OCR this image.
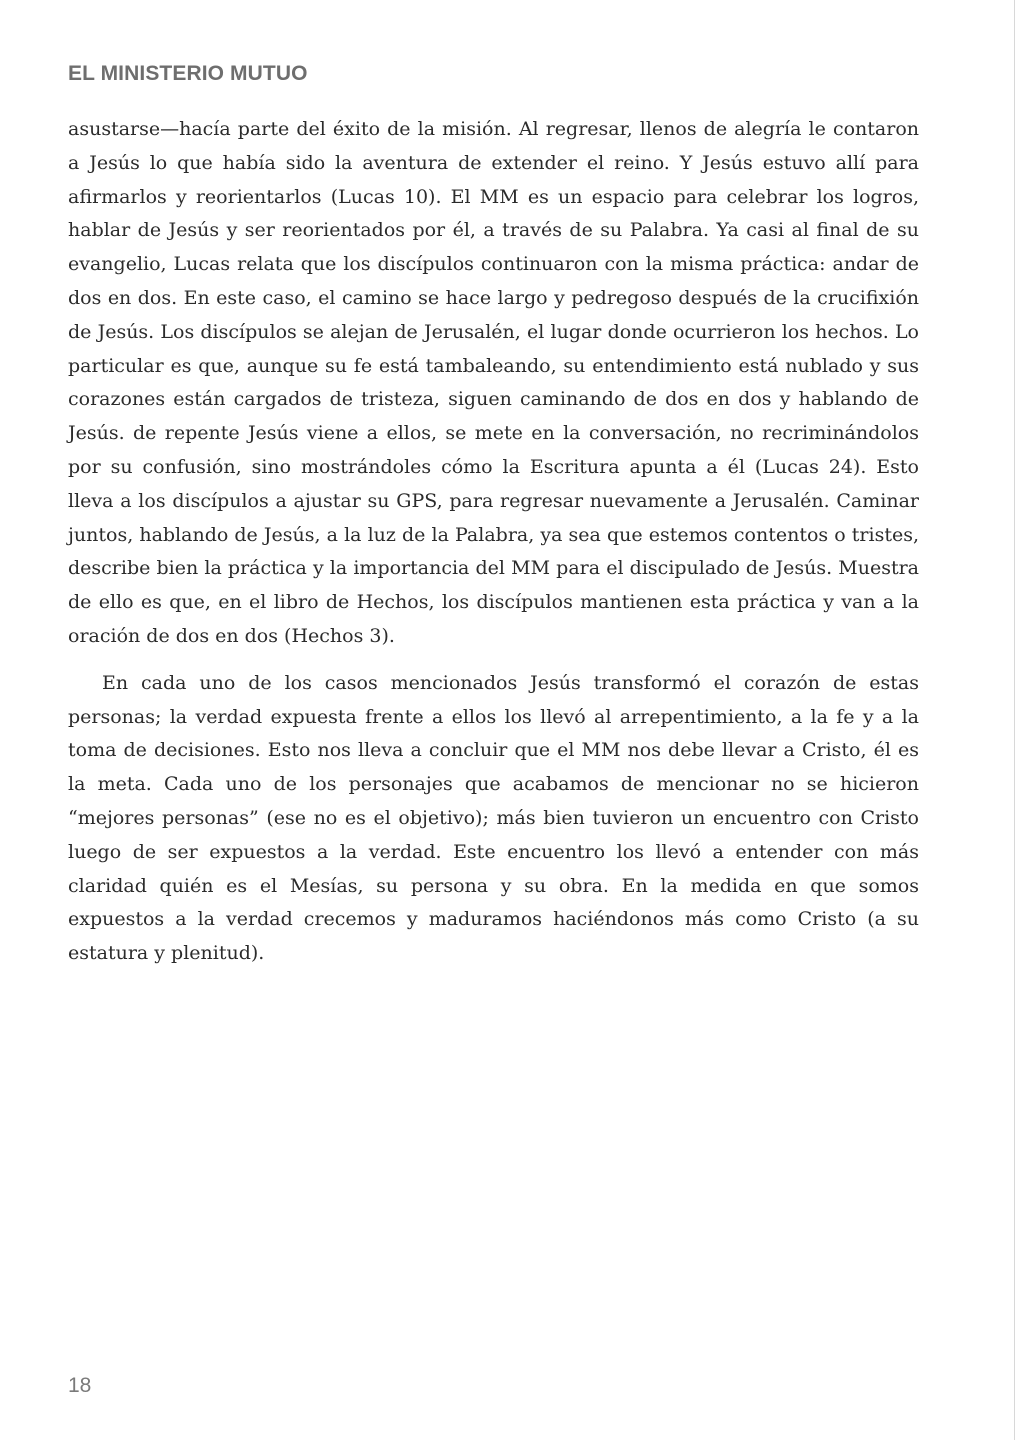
EL MINISTERIO MUTUO

asustarse—hacía parte del éxito de la misión. Al regresar, llenos de alegría le contaron a Jesús lo que había sido la aventura de extender el reino. Y Jesús estuvo allí para afirmarlos y reorientarlos (Lucas 10). El MM es un espacio para celebrar los logros, hablar de Jesús y ser reorientados por él, a través de su Palabra. Ya casi al final de su evangelio, Lucas relata que los discípulos continuaron con la misma práctica: andar de dos en dos. En este caso, el camino se hace largo y pedregoso después de la crucifixión de Jesús. Los discípulos se alejan de Jerusalén, el lugar donde ocurrieron los hechos. Lo particular es que, aunque su fe está tambaleando, su entendimiento está nublado y sus corazones están cargados de tristeza, siguen caminando de dos en dos y hablando de Jesús. de repente Jesús viene a ellos, se mete en la conversación, no recriminándolos por su confusión, sino mostrándoles cómo la Escritura apunta a él (Lucas 24). Esto lleva a los discípulos a ajustar su GPS, para regresar nuevamente a Jerusalén. Caminar juntos, hablando de Jesús, a la luz de la Palabra, ya sea que estemos contentos o tristes, describe bien la práctica y la importancia del MM para el discipulado de Jesús. Muestra de ello es que, en el libro de Hechos, los discípulos mantienen esta práctica y van a la oración de dos en dos (Hechos 3).

En cada uno de los casos mencionados Jesús transformó el corazón de estas personas; la verdad expuesta frente a ellos los llevó al arrepentimiento, a la fe y a la toma de decisiones. Esto nos lleva a concluir que el MM nos debe llevar a Cristo, él es la meta. Cada uno de los personajes que acabamos de mencionar no se hicieron “mejores personas” (ese no es el objetivo); más bien tuvieron un encuentro con Cristo luego de ser expuestos a la verdad. Este encuentro los llevó a entender con más claridad quién es el Mesías, su persona y su obra. En la medida en que somos expuestos a la verdad crecemos y maduramos haciéndonos más como Cristo (a su estatura y plenitud).

18
